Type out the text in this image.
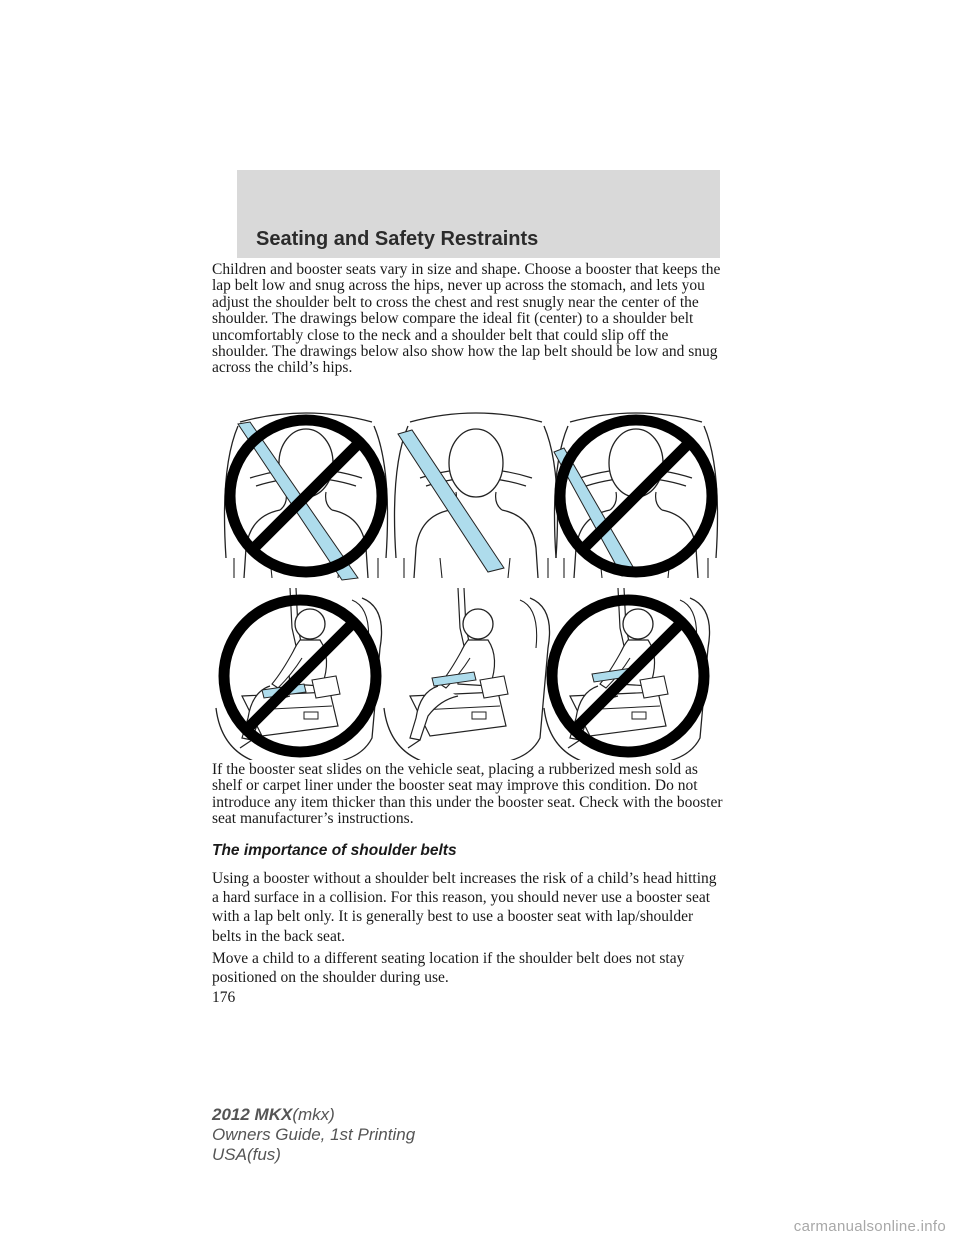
Seating and Safety Restraints

Children and booster seats vary in size and shape. Choose a booster that keeps the lap belt low and snug across the hips, never up across the stomach, and lets you adjust the shoulder belt to cross the chest and rest snugly near the center of the shoulder. The drawings below compare the ideal fit (center) to a shoulder belt uncomfortably close to the neck and a shoulder belt that could slip off the shoulder. The drawings below also show how the lap belt should be low and snug across the child’s hips.

If the booster seat slides on the vehicle seat, placing a rubberized mesh sold as shelf or carpet liner under the booster seat may improve this condition. Do not introduce any item thicker than this under the booster seat. Check with the booster seat manufacturer’s instructions.

The importance of shoulder belts

Using a booster without a shoulder belt increases the risk of a child’s head hitting a hard surface in a collision. For this reason, you should never use a booster seat with a lap belt only. It is generally best to use a booster seat with lap/shoulder belts in the back seat.

Move a child to a different seating location if the shoulder belt does not stay positioned on the shoulder during use.

176
2012 MKX(mkx)
Owners Guide, 1st Printing
USA(fus)
carmanualsonline.info
